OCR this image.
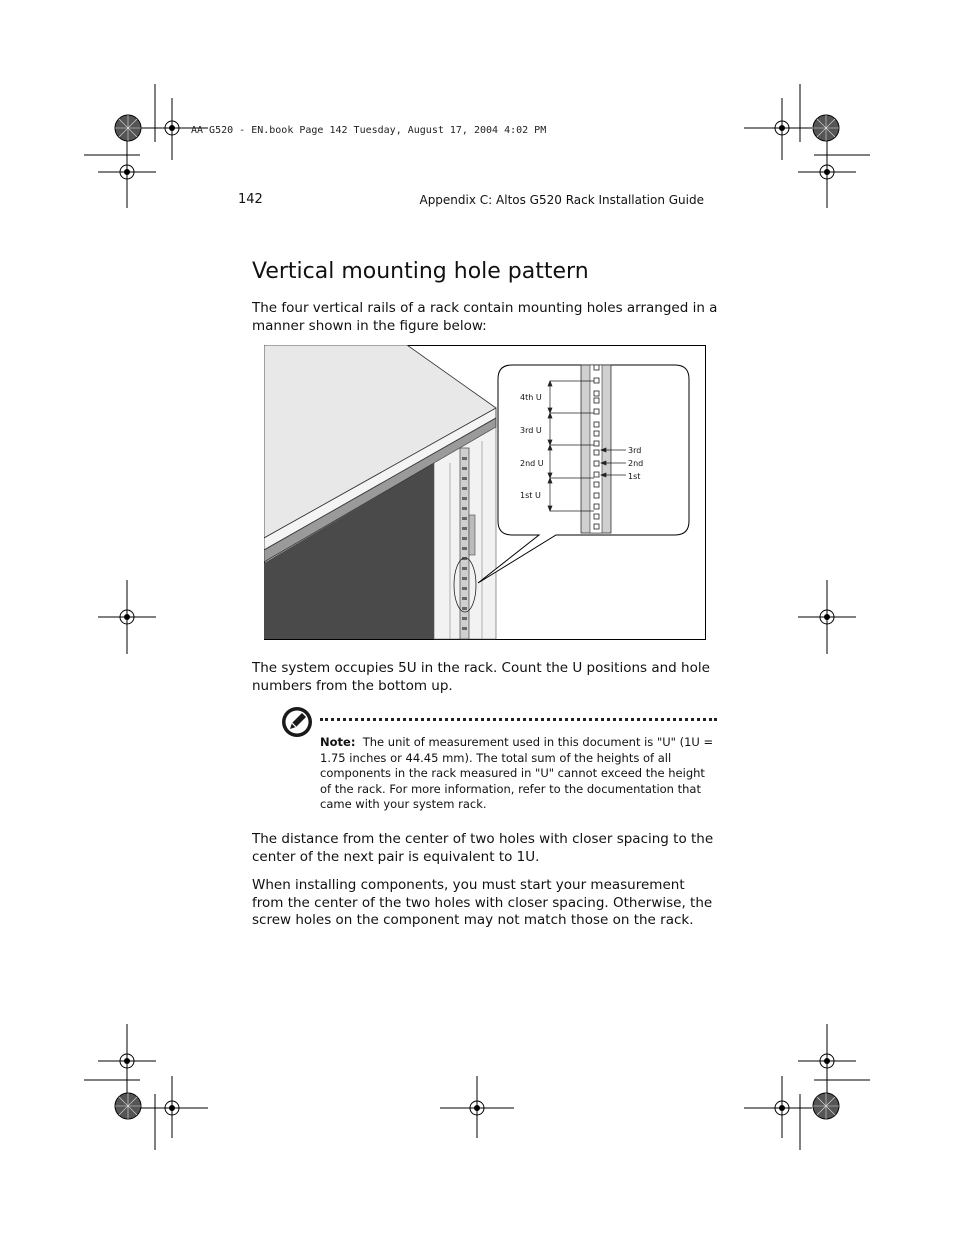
AA G520 - EN.book Page 142 Tuesday, August 17, 2004 4:02 PM
142	Appendix C: Altos G520 Rack Installation Guide
Vertical mounting hole pattern

The four vertical rails of a rack contain mounting holes arranged in a manner shown in the figure below:

4th U
3rd U
2nd U
1st U
3rd
2nd
1st

The system occupies 5U in the rack. Count the U positions and hole numbers from the bottom up.

Note: The unit of measurement used in this document is "U" (1U = 1.75 inches or 44.45 mm). The total sum of the heights of all components in the rack measured in "U" cannot exceed the height of the rack. For more information, refer to the documentation that came with your system rack.

The distance from the center of two holes with closer spacing to the center of the next pair is equivalent to 1U.

When installing components, you must start your measurement from the center of the two holes with closer spacing. Otherwise, the screw holes on the component may not match those on the rack.
